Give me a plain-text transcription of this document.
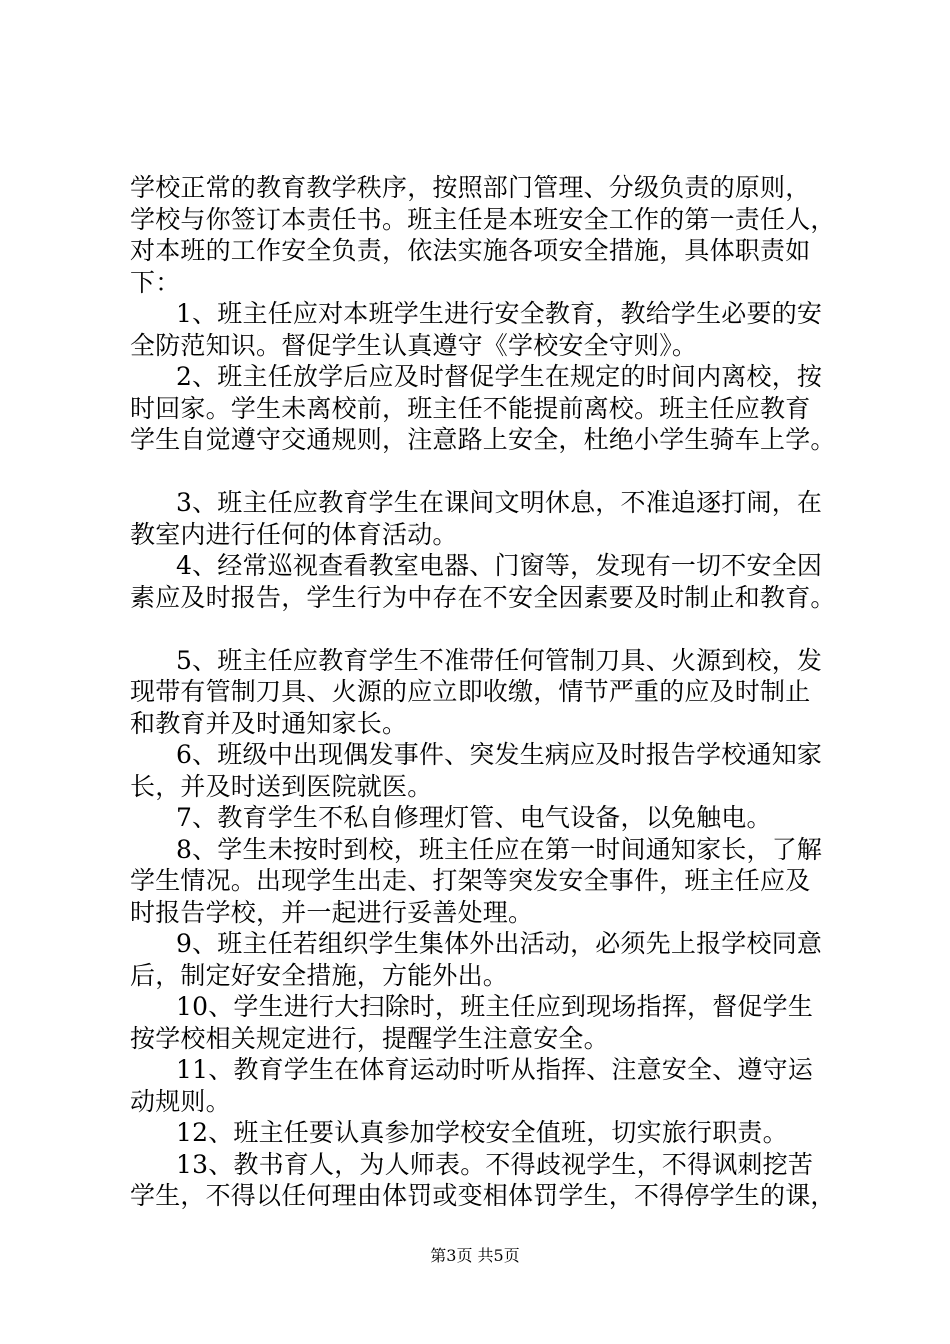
学校正常的教育教学秩序，按照部门管理、分级负责的原则，
学校与你签订本责任书。班主任是本班安全工作的第一责任人，
对本班的工作安全负责，依法实施各项安全措施，具体职责如
下：
1、班主任应对本班学生进行安全教育，教给学生必要的安
全防范知识。督促学生认真遵守《学校安全守则》。
2、班主任放学后应及时督促学生在规定的时间内离校，按
时回家。学生未离校前，班主任不能提前离校。班主任应教育
学生自觉遵守交通规则，注意路上安全，杜绝小学生骑车上学。
3、班主任应教育学生在课间文明休息，不准追逐打闹，在
教室内进行任何的体育活动。
4、经常巡视查看教室电器、门窗等，发现有一切不安全因
素应及时报告，学生行为中存在不安全因素要及时制止和教育。
5、班主任应教育学生不准带任何管制刀具、火源到校，发
现带有管制刀具、火源的应立即收缴，情节严重的应及时制止
和教育并及时通知家长。
6、班级中出现偶发事件、突发生病应及时报告学校通知家
长，并及时送到医院就医。
7、教育学生不私自修理灯管、电气设备，以免触电。
8、学生未按时到校，班主任应在第一时间通知家长，了解
学生情况。出现学生出走、打架等突发安全事件，班主任应及
时报告学校，并一起进行妥善处理。
9、班主任若组织学生集体外出活动，必须先上报学校同意
后，制定好安全措施，方能外出。
10、学生进行大扫除时，班主任应到现场指挥，督促学生
按学校相关规定进行，提醒学生注意安全。
11、教育学生在体育运动时听从指挥、注意安全、遵守运
动规则。
12、班主任要认真参加学校安全值班，切实旅行职责。
13、教书育人，为人师表。不得歧视学生，不得讽刺挖苦
学生，不得以任何理由体罚或变相体罚学生，不得停学生的课，
第3页 共5页
